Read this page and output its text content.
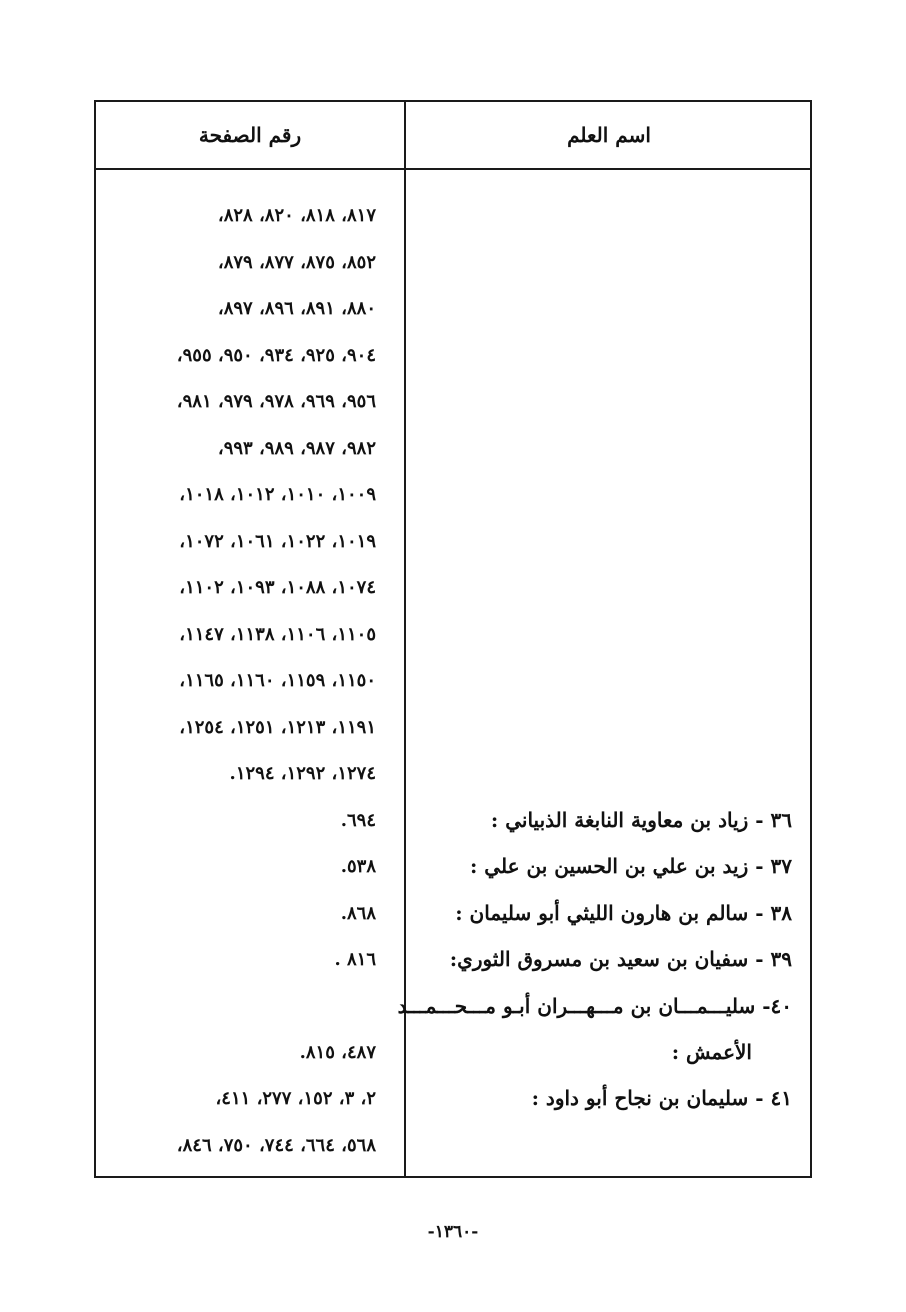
رقم الصفحة	اسم العلم
٨١٧، ٨١٨، ٨٢٠، ٨٢٨،
٨٥٢، ٨٧٥، ٨٧٧، ٨٧٩،
٨٨٠، ٨٩١، ٨٩٦، ٨٩٧،
٩٠٤، ٩٢٥، ٩٣٤، ٩٥٠، ٩٥٥،
٩٥٦، ٩٦٩، ٩٧٨، ٩٧٩، ٩٨١،
٩٨٢، ٩٨٧، ٩٨٩، ٩٩٣،
١٠٠٩، ١٠١٠، ١٠١٢، ١٠١٨،
١٠١٩، ١٠٢٢، ١٠٦١، ١٠٧٢،
١٠٧٤، ١٠٨٨، ١٠٩٣، ١١٠٢،
١١٠٥، ١١٠٦، ١١٣٨، ١١٤٧،
١١٥٠، ١١٥٩، ١١٦٠، ١١٦٥،
١١٩١، ١٢١٣، ١٢٥١، ١٢٥٤،
١٢٧٤، ١٢٩٢، ١٢٩٤.
٦٩٤.
٥٣٨.
٨٦٨.
٨١٦ .
٤٨٧، ٨١٥.
٢، ٣، ١٥٢، ٢٧٧، ٤١١،
٥٦٨، ٦٦٤، ٧٤٤، ٧٥٠، ٨٤٦،
٣٦ - زياد بن معاوية النابغة الذبياني :
٣٧ - زيد بن علي بن الحسين بن علي :
٣٨ - سالم بن هارون الليثي أبو سليمان :
٣٩ - سفيان بن سعيد بن مسروق الثوري:
٤٠- سليـــمـــان بن مـــهـــران أبـو مـــحـــمـــد
الأعمش :
٤١ - سليمان بن نجاح أبو داود :
-١٣٦٠-
